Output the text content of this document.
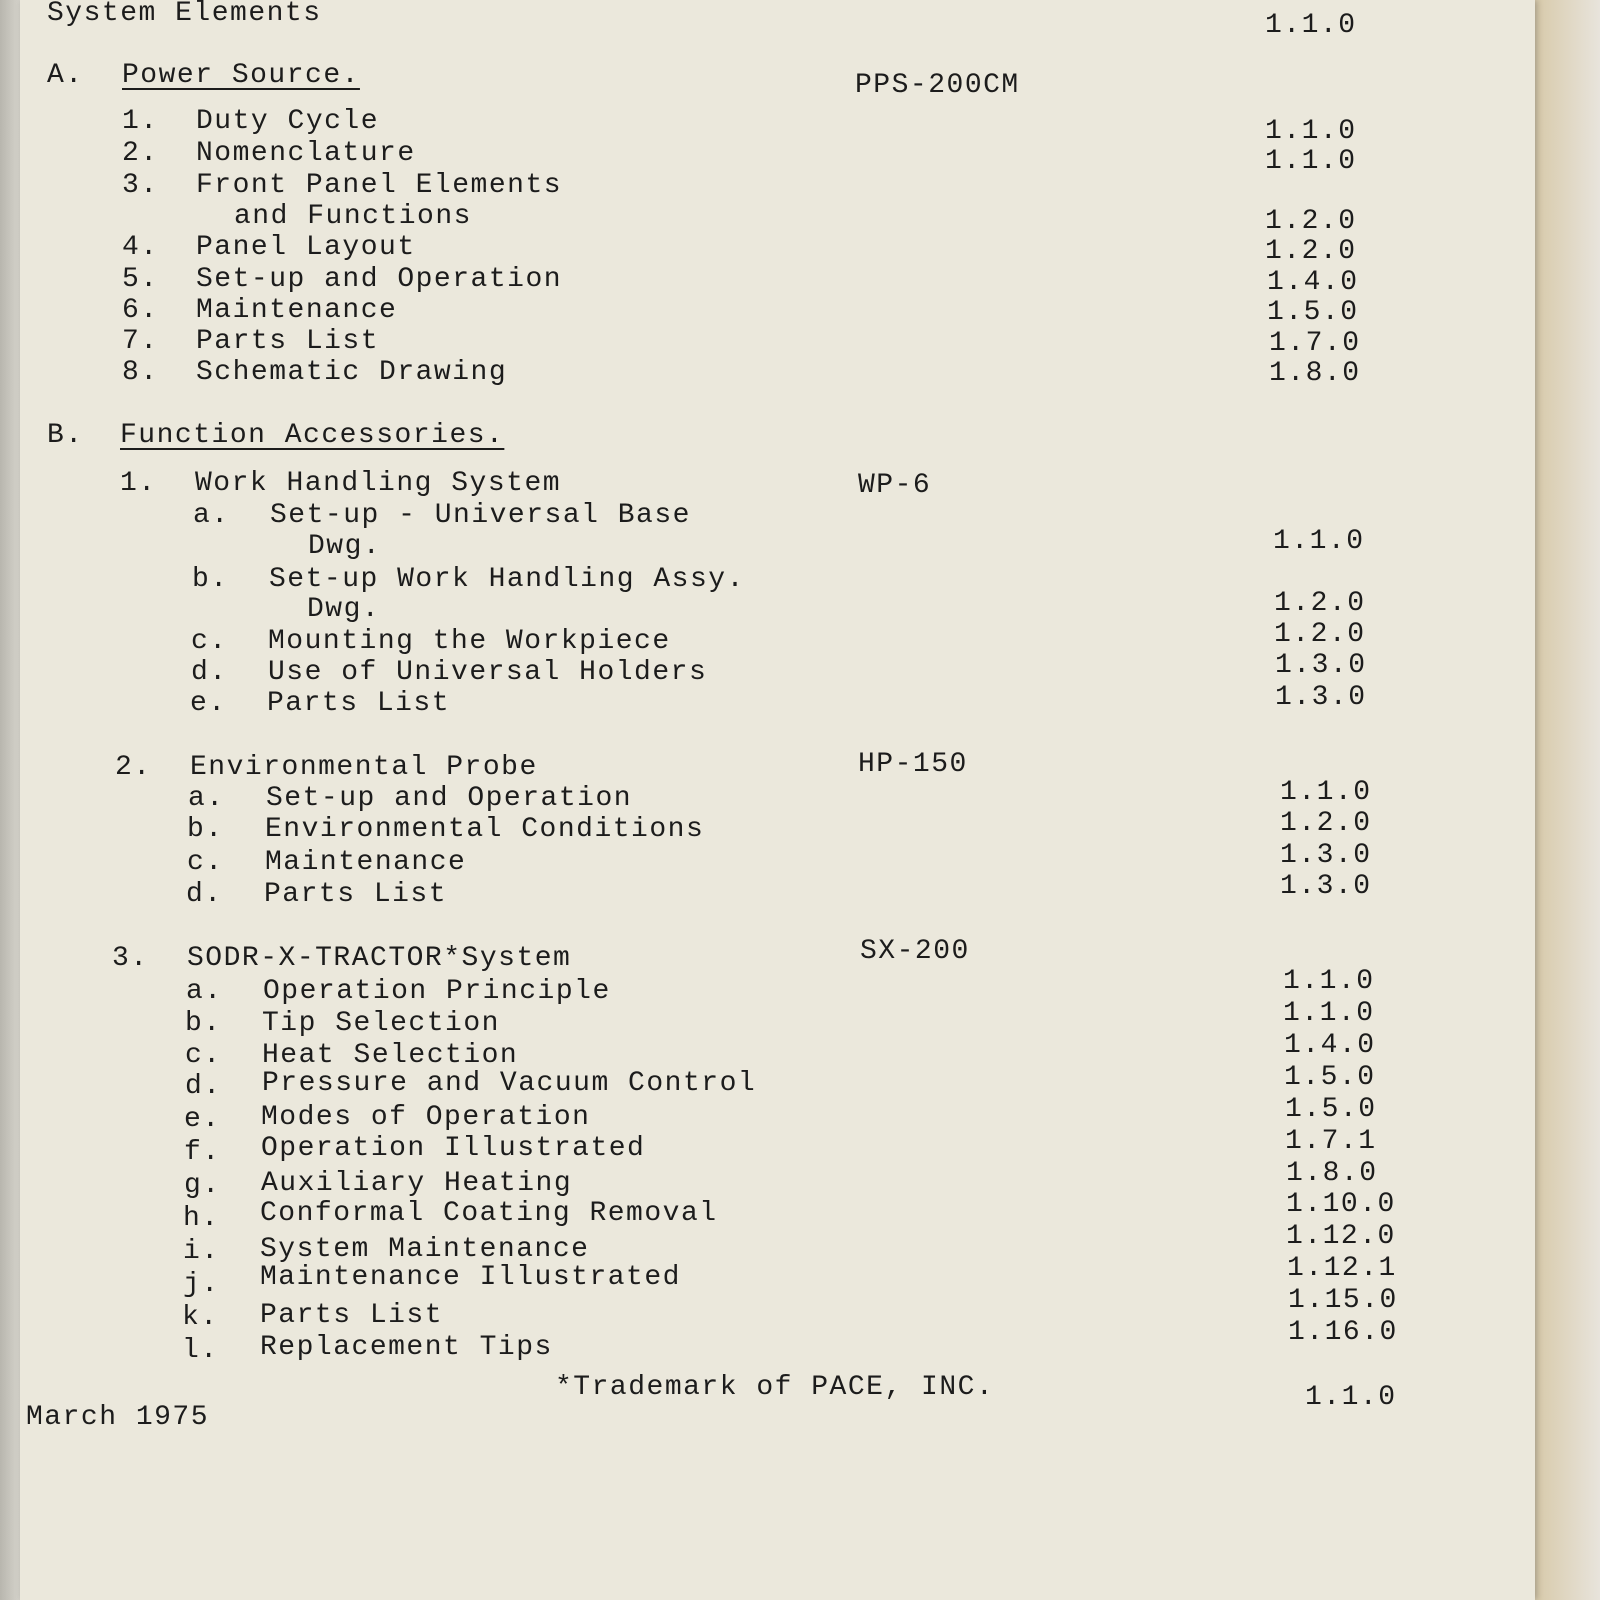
System Elements	1.1.0

A. Power Source.	PPS-200CM

1. Duty Cycle	1.1.0

2. Nomenclature	1.1.0

3. Front Panel Elements

and Functions	1.2.0

4. Panel Layout	1.2.0

5. Set-up and Operation	1.4.0

6. Maintenance	1.5.0

7. Parts List	1.7.0

8. Schematic Drawing	1.8.0

B. Function Accessories.

1. Work Handling System	WP-6

a. Set-up - Universal Base

Dwg.	1.1.0

b. Set-up Work Handling Assy.

Dwg.	1.2.0

c. Mounting the Workpiece	1.2.0

d. Use of Universal Holders	1.3.0

e. Parts List	1.3.0

2. Environmental Probe	HP-150

a. Set-up and Operation	1.1.0

b. Environmental Conditions	1.2.0

c. Maintenance	1.3.0

d. Parts List	1.3.0

3. SODR-X-TRACTOR*System	SX-200

a. Operation Principle	1.1.0

b. Tip Selection	1.1.0

c. Heat Selection	1.4.0

d. Pressure and Vacuum Control	1.5.0

e. Modes of Operation	1.5.0

f. Operation Illustrated	1.7.1

g. Auxiliary Heating	1.8.0

h. Conformal Coating Removal	1.10.0

i. System Maintenance	1.12.0

j. Maintenance Illustrated	1.12.1

k. Parts List	1.15.0

l. Replacement Tips	1.16.0

*Trademark of PACE, INC.	1.1.0

March 1975
